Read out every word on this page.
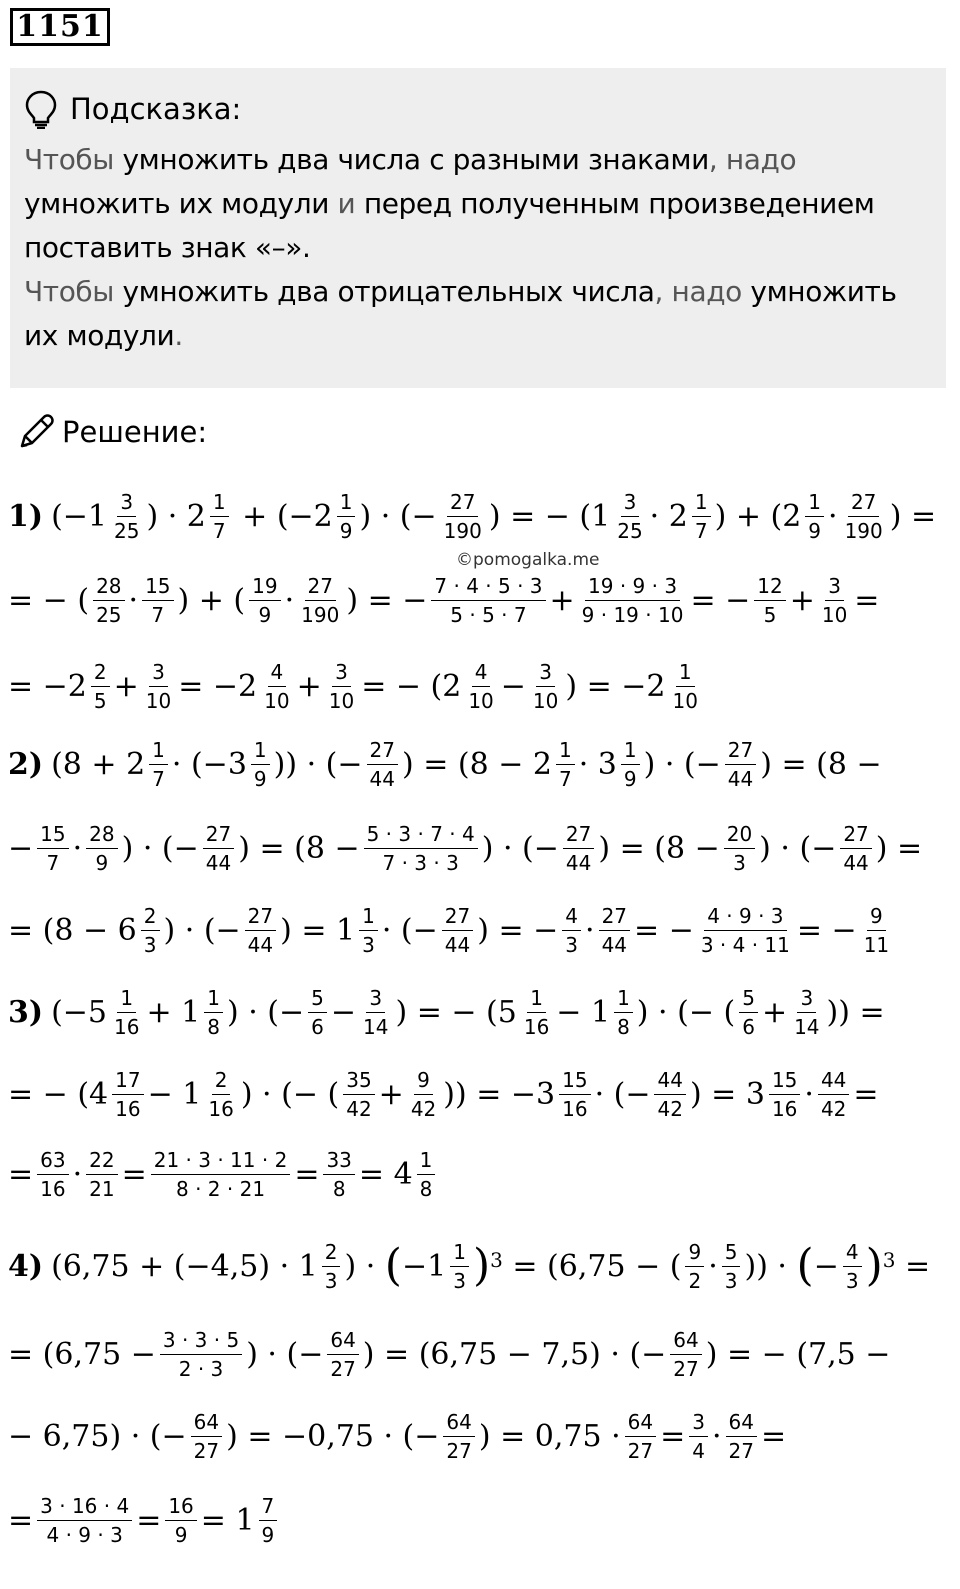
1151
Подсказка:
Чтобы умножить два числа с разными знаками, надо
умножить их модули и перед полученным произведением
поставить знак «–».
Чтобы умножить два отрицательных числа, надо умножить
их модули.
Решение:
©pomogalka.me
1) (−1 3
25 ) · 2 1
7 + (−2 1
9 ) · (− 27
190 ) = − (1 3
25 · 2 1
7 ) + (2 1
9 · 27
190 ) =
= − ( 28
25 · 15
7 ) + ( 19
9 · 27
190 ) = − 7 · 4 · 5 · 3
5 · 5 · 7 + 19 · 9 · 3
9 · 19 · 10 = − 12
5 + 3
10 =
= −2 2
5 + 3
10 = −2 4
10 + 3
10 = − (2 4
10 − 3
10 ) = −2 1
10
2) (8 + 2 1
7 · (−3 1
9 )) · (− 27
44 ) = (8 − 2 1
7 · 3 1
9 ) · (− 27
44 ) = (8 −
− 15
7 · 28
9 ) · (− 27
44 ) = (8 − 5 · 3 · 7 · 4
7 · 3 · 3 ) · (− 27
44 ) = (8 − 20
3 ) · (− 27
44 ) =
= (8 − 6 2
3 ) · (− 27
44 ) = 1 1
3 · (− 27
44 ) = − 4
3 · 27
44 = − 4 · 9 · 3
3 · 4 · 11 = − 9
11
3) (−5 1
16 + 1 1
8 ) · (− 5
6 − 3
14 ) = − (5 1
16 − 1 1
8 ) · (− ( 5
6 + 3
14 )) =
= − (4 17
16 − 1 2
16 ) · (− ( 35
42 + 9
42 )) = −3 15
16 · (− 44
42 ) = 3 15
16 · 44
42 =
= 63
16 · 22
21 = 21 · 3 · 11 · 2
8 · 2 · 21 = 33
8 = 4 1
8
4) (6,75 + (−4,5) · 1 2
3 ) · ( −1 1
3 )$^3$ = (6,75 − ( 9
2 · 5
3 )) · ( − 4
3 )$^3$ =
= (6,75 − 3 · 3 · 5
2 · 3 ) · (− 64
27 ) = (6,75 − 7,5) · (− 64
27 ) = − (7,5 −
− 6,75) · (− 64
27 ) = −0,75 · (− 64
27 ) = 0,75 · 64
27 = 3
4 · 64
27 =
= 3 · 16 · 4
4 · 9 · 3 = 16
9 = 1 7
9
